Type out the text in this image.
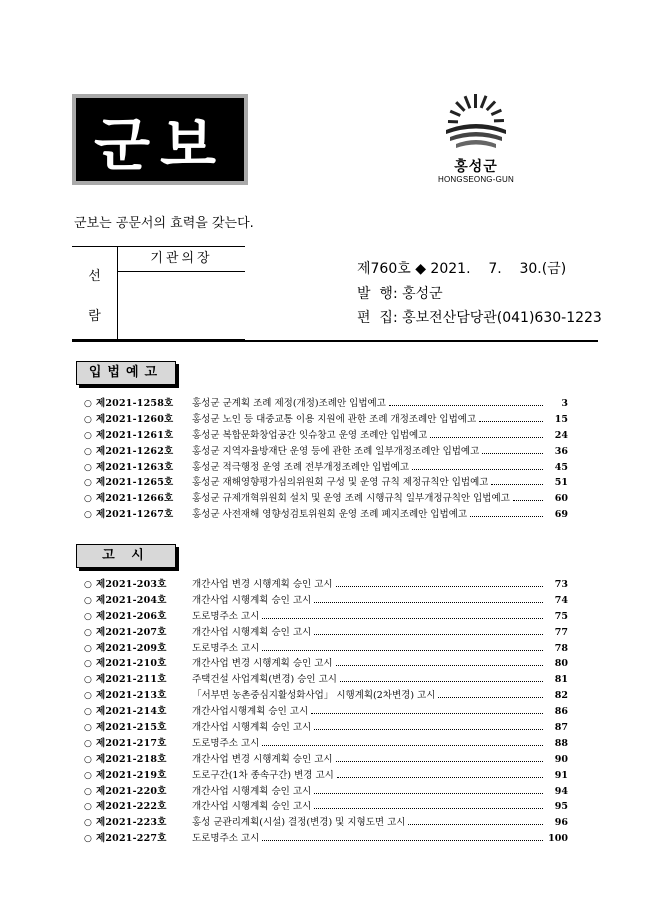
군보	홍성군
HONGSEONG-GUN
군보는 공문서의 효력을 갖는다.
선
람
기관의장
제760호 ◆ 2021.    7.    30.(금)
발  행: 홍성군
편  집: 홍보전산담당관(041)630-1223
입법예고
○ 제2021-1258호	홍성군 군계획 조례 제정(개정)조례안 입법예고	3
○ 제2021-1260호	홍성군 노인 등 대중교통 이용 지원에 관한 조례 개정조례안 입법예고	15
○ 제2021-1261호	홍성군 복합문화창업공간 잇슈창고 운영 조례안 입법예고	24
○ 제2021-1262호	홍성군 지역자율방재단 운영 등에 관한 조례 일부개정조례안 입법예고	36
○ 제2021-1263호	홍성군 적극행정 운영 조례 전부개정조례안 입법예고	45
○ 제2021-1265호	홍성군 재해영향평가심의위원회 구성 및 운영 규칙 제정규칙안 입법예고	51
○ 제2021-1266호	홍성군 규제개혁위원회 설치 및 운영 조례 시행규칙 일부개정규칙안 입법예고	60
○ 제2021-1267호	홍성군 사전재해 영향성검토위원회 운영 조례 폐지조례안 입법예고	69
고 시
○ 제2021-203호	개간사업 변경 시행계획 승인 고시	73
○ 제2021-204호	개간사업 시행계획 승인 고시	74
○ 제2021-206호	도로명주소 고시	75
○ 제2021-207호	개간사업 시행계획 승인 고시	77
○ 제2021-209호	도로명주소 고시	78
○ 제2021-210호	개간사업 변경 시행계획 승인 고시	80
○ 제2021-211호	주택건설 사업계획(변경) 승인 고시	81
○ 제2021-213호	「서부면 농촌중심지활성화사업」 시행계획(2차변경) 고시	82
○ 제2021-214호	개간사업시행계획 승인 고시	86
○ 제2021-215호	개간사업 시행계획 승인 고시	87
○ 제2021-217호	도로명주소 고시	88
○ 제2021-218호	개간사업 변경 시행계획 승인 고시	90
○ 제2021-219호	도로구간(1차 종속구간) 변경 고시	91
○ 제2021-220호	개간사업 시행계획 승인 고시	94
○ 제2021-222호	개간사업 시행계획 승인 고시	95
○ 제2021-223호	홍성 군관리계획(시설) 결정(변경) 및 지형도면 고시	96
○ 제2021-227호	도로명주소 고시	100
